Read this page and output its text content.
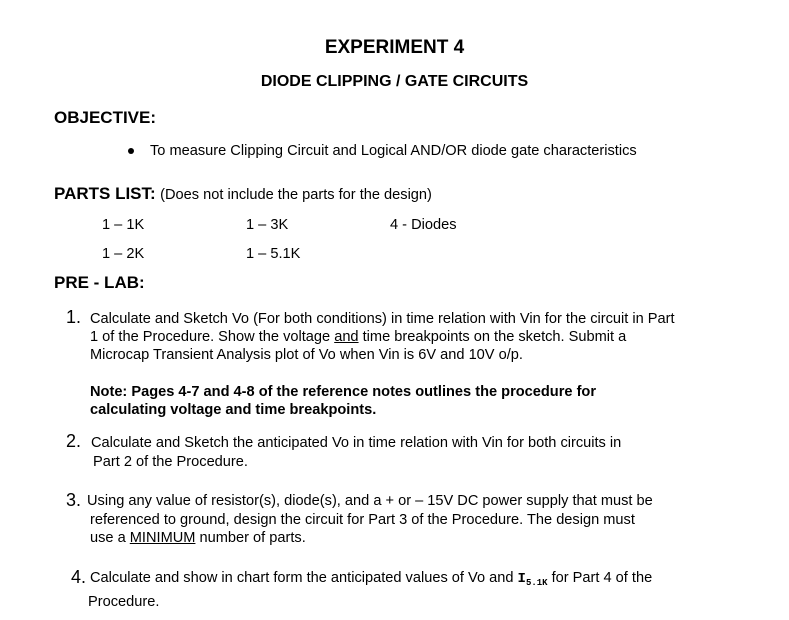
EXPERIMENT 4
DIODE CLIPPING / GATE CIRCUITS
OBJECTIVE:
To measure Clipping Circuit and Logical AND/OR diode gate characteristics
PARTS LIST: (Does not include the parts for the design)
1 – 1K	1 – 3K	4 - Diodes
1 – 2K	1 – 5.1K
PRE - LAB:
1. Calculate and Sketch Vo (For both conditions) in time relation with Vin for the circuit in Part
1 of the Procedure. Show the voltage and time breakpoints on the sketch. Submit a
Microcap Transient Analysis plot of Vo when Vin is 6V and 10V o/p.
Note: Pages 4-7 and 4-8 of the reference notes outlines the procedure for
calculating voltage and time breakpoints.
2. Calculate and Sketch the anticipated Vo in time relation with Vin for both circuits in
Part 2 of the Procedure.
3. Using any value of resistor(s), diode(s), and a + or – 15V DC power supply that must be
referenced to ground, design the circuit for Part 3 of the Procedure. The design must
use a MINIMUM number of parts.
4. Calculate and show in chart form the anticipated values of Vo and $I_{5.1K}$ for Part 4 of the
Procedure.
